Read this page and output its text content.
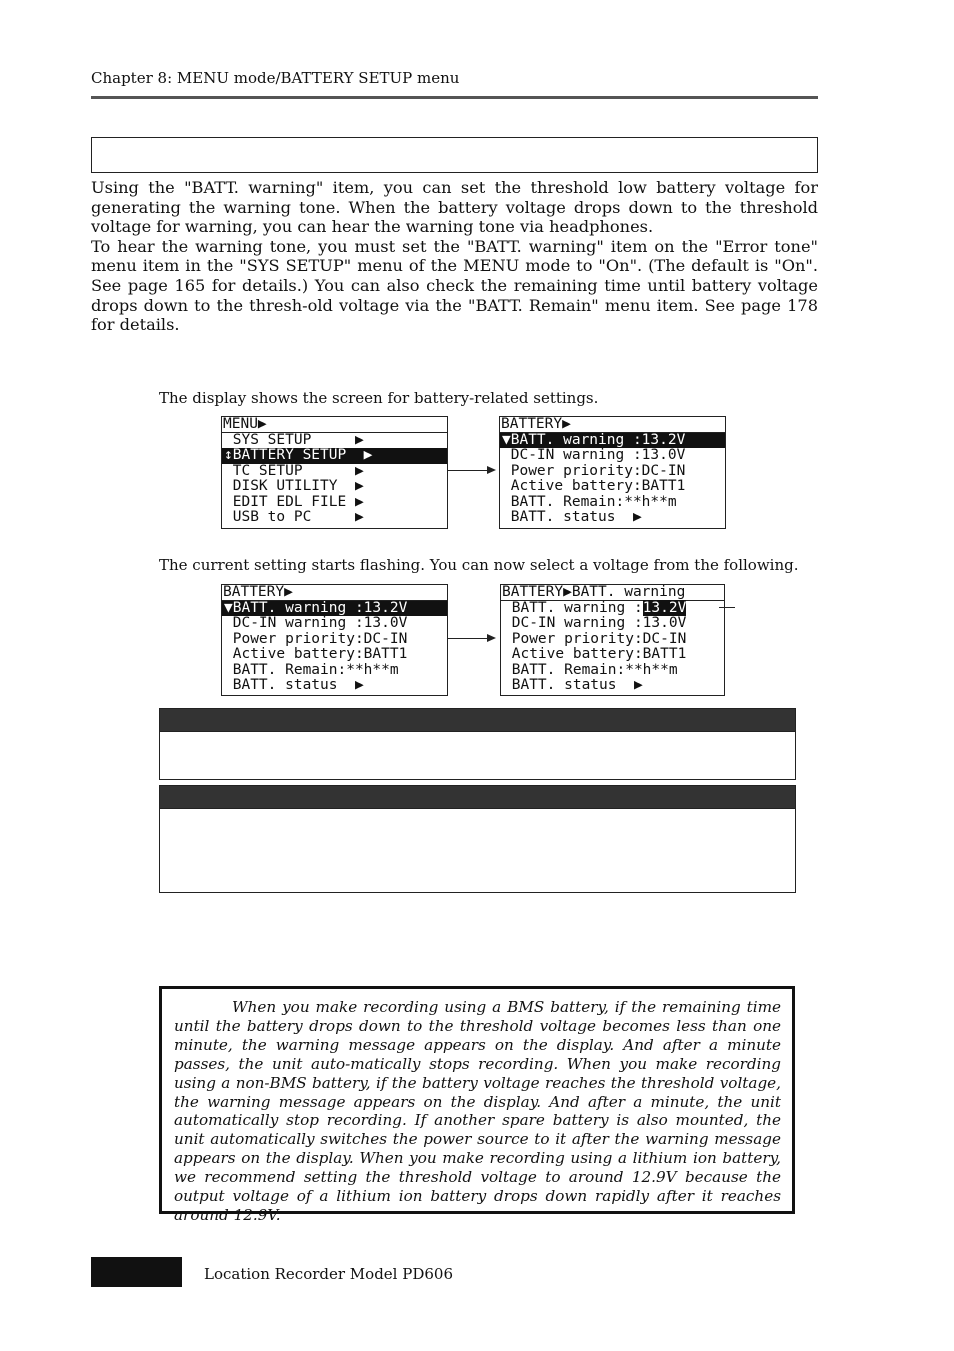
Chapter 8: MENU mode/BATTERY SETUP menu

Using the "BATT. warning" item, you can set the threshold low battery voltage for generating the warning tone. When the battery voltage drops down to the threshold voltage for warning, you can hear the warning tone via headphones.

To hear the warning tone, you must set the "BATT. warning" item on the "Error tone" menu item in the "SYS SETUP" menu of the MENU mode to "On". (The default is "On". See page 165 for details.) You can also check the remaining time until battery voltage drops down to the thresh-old voltage via the "BATT. Remain" menu item. See page 178 for details.

The display shows the screen for battery-related settings.
MENU▶
SYS SETUP     ▶
↕BATTERY SETUP  ▶
TC SETUP      ▶
DISK UTILITY  ▶
EDIT EDL FILE ▶
USB to PC     ▶
BATTERY▶
▼BATT. warning :13.2V
DC-IN warning :13.0V
Power priority:DC-IN
Active battery:BATT1
BATT. Remain:**h**m
BATT. status  ▶
The current setting starts flashing. You can now select a voltage from the following.
BATTERY▶
▼BATT. warning :13.2V
DC-IN warning :13.0V
Power priority:DC-IN
Active battery:BATT1
BATT. Remain:**h**m
BATT. status  ▶
BATTERY▶BATT. warning
BATT. warning :13.2V
DC-IN warning :13.0V
Power priority:DC-IN
Active battery:BATT1
BATT. Remain:**h**m
BATT. status  ▶
When you make recording using a BMS battery, if the remaining time until the battery drops down to the threshold voltage becomes less than one minute, the warning message appears on the display. And after a minute passes, the unit auto-matically stops recording. When you make recording using a non-BMS battery, if the battery voltage reaches the threshold voltage, the warning message appears on the display. And after a minute, the unit automatically stop recording. If another spare battery is also mounted, the unit automatically switches the power source to it after the warning message appears on the display. When you make recording using a lithium ion battery, we recommend setting the threshold voltage to around 12.9V because the output voltage of a lithium ion battery drops down rapidly after it reaches around 12.9V.
Location Recorder Model PD606
